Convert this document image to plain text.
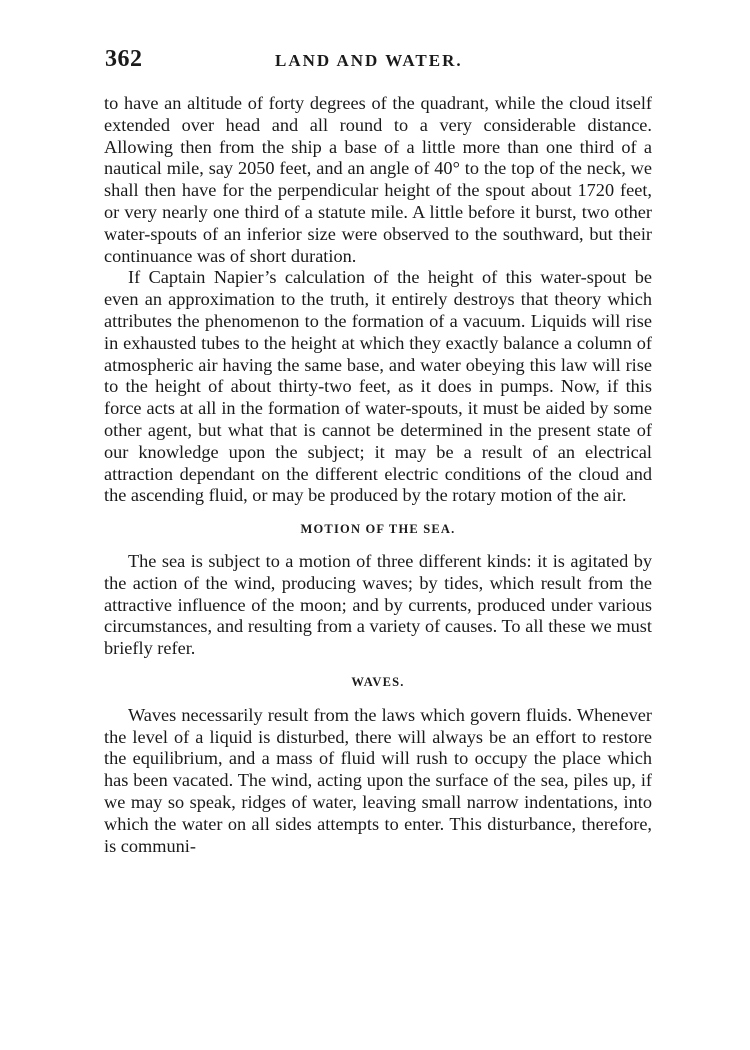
362	LAND AND WATER.

to have an altitude of forty degrees of the quadrant, while the cloud itself extended over head and all round to a very considerable distance. Allowing then from the ship a base of a little more than one third of a nautical mile, say 2050 feet, and an angle of 40° to the top of the neck, we shall then have for the perpendicular height of the spout about 1720 feet, or very nearly one third of a statute mile. A little before it burst, two other water-spouts of an inferior size were observed to the southward, but their continuance was of short duration.

If Captain Napier’s calculation of the height of this water-spout be even an approximation to the truth, it entirely destroys that theory which attributes the phenomenon to the formation of a vacuum. Liquids will rise in exhausted tubes to the height at which they exactly balance a column of atmospheric air having the same base, and water obeying this law will rise to the height of about thirty-two feet, as it does in pumps. Now, if this force acts at all in the formation of water-spouts, it must be aided by some other agent, but what that is cannot be determined in the present state of our knowledge upon the subject; it may be a result of an electrical attraction dependant on the different electric conditions of the cloud and the ascending fluid, or may be produced by the rotary motion of the air.

MOTION OF THE SEA.

The sea is subject to a motion of three different kinds: it is agitated by the action of the wind, producing waves; by tides, which result from the attractive influence of the moon; and by currents, produced under various circumstances, and resulting from a variety of causes. To all these we must briefly refer.

WAVES.

Waves necessarily result from the laws which govern fluids. Whenever the level of a liquid is disturbed, there will always be an effort to restore the equilibrium, and a mass of fluid will rush to occupy the place which has been vacated. The wind, acting upon the surface of the sea, piles up, if we may so speak, ridges of water, leaving small narrow indentations, into which the water on all sides attempts to enter. This disturbance, therefore, is communi-
